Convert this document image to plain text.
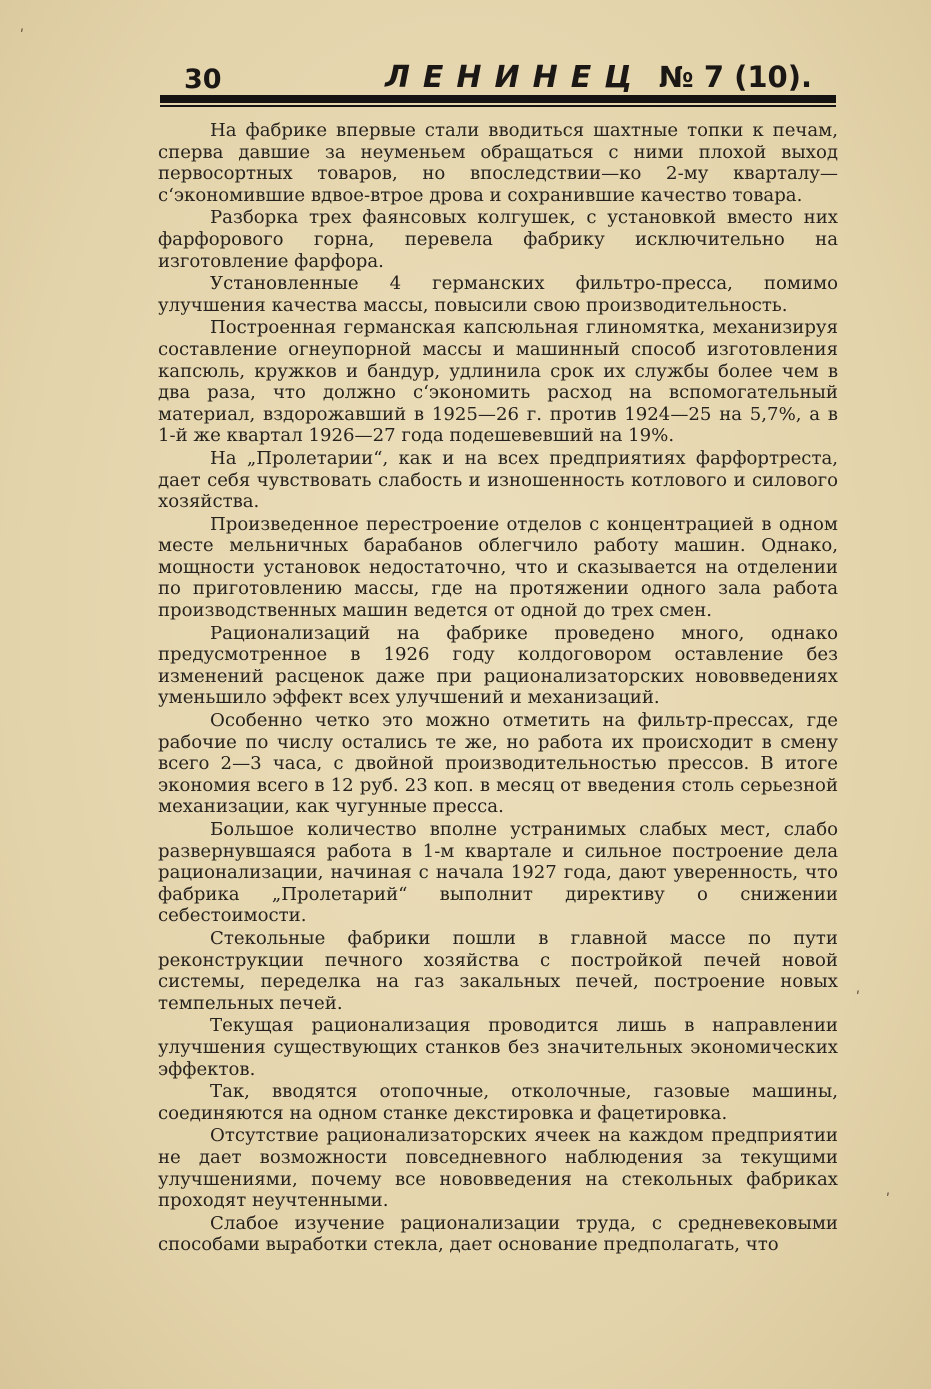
30	ЛЕНИНЕЦ № 7 (10).

На фабрике впервые стали вводиться шахтные топки к печам, сперва давшие за неуменьем обращаться с ними плохой выход первосортных товаров, но впоследствии—ко 2-му кварталу— с‘экономившие вдвое-втрое дрова и сохранившие качество товара.

Разборка трех фаянсовых колгушек, с установкой вместо них фарфорового горна, перевела фабрику исключительно на изготовление фарфора.

Установленные 4 германских фильтро-пресса, помимо улучшения качества массы, повысили свою производительность.

Построенная германская капсюльная глиномятка, механизируя составление огнеупорной массы и машинный способ изготовления капсюль, кружков и бандур, удлинила срок их службы более чем в два раза, что должно с‘экономить расход на вспомогательный материал, вздорожавший в 1925—26 г. против 1924—25 на 5,7%, а в 1-й же квартал 1926—27 года подешевевший на 19%.

На „Пролетарии“, как и на всех предприятиях фарфортреста, дает себя чувствовать слабость и изношенность котлового и силового хозяйства.

Произведенное перестроение отделов с концентрацией в одном месте мельничных барабанов облегчило работу машин. Однако, мощности установок недостаточно, что и сказывается на отделении по приготовлению массы, где на протяжении одного зала работа производственных машин ведется от одной до трех смен.

Рационализаций на фабрике проведено много, однако предусмотренное в 1926 году колдоговором оставление без изменений расценок даже при рационализаторских нововведениях уменьшило эффект всех улучшений и механизаций.

Особенно четко это можно отметить на фильтр-прессах, где рабочие по числу остались те же, но работа их происходит в смену всего 2—3 часа, с двойной производительностью прессов. В итоге экономия всего в 12 руб. 23 коп. в месяц от введения столь серьезной механизации, как чугунные пресса.

Большое количество вполне устранимых слабых мест, слабо развернувшаяся работа в 1-м квартале и сильное построение дела рационализации, начиная с начала 1927 года, дают уверенность, что фабрика „Пролетарий“ выполнит директиву о снижении себестоимости.

Стекольные фабрики пошли в главной массе по пути реконструкции печного хозяйства с постройкой печей новой системы, переделка на газ закальных печей, построение новых темпельных печей.

Текущая рационализация проводится лишь в направлении улучшения существующих станков без значительных экономических эффектов.

Так, вводятся отопочные, отколочные, газовые машины, соединяются на одном станке декстировка и фацетировка.

Отсутствие рационализаторских ячеек на каждом предприятии не дает возможности повседневного наблюдения за текущими улучшениями, почему все нововведения на стекольных фабриках проходят неучтенными.

Слабое изучение рационализации труда, с средневековыми способами выработки стекла, дает основание предполагать, что

ʹ
ʹ
ʹ
